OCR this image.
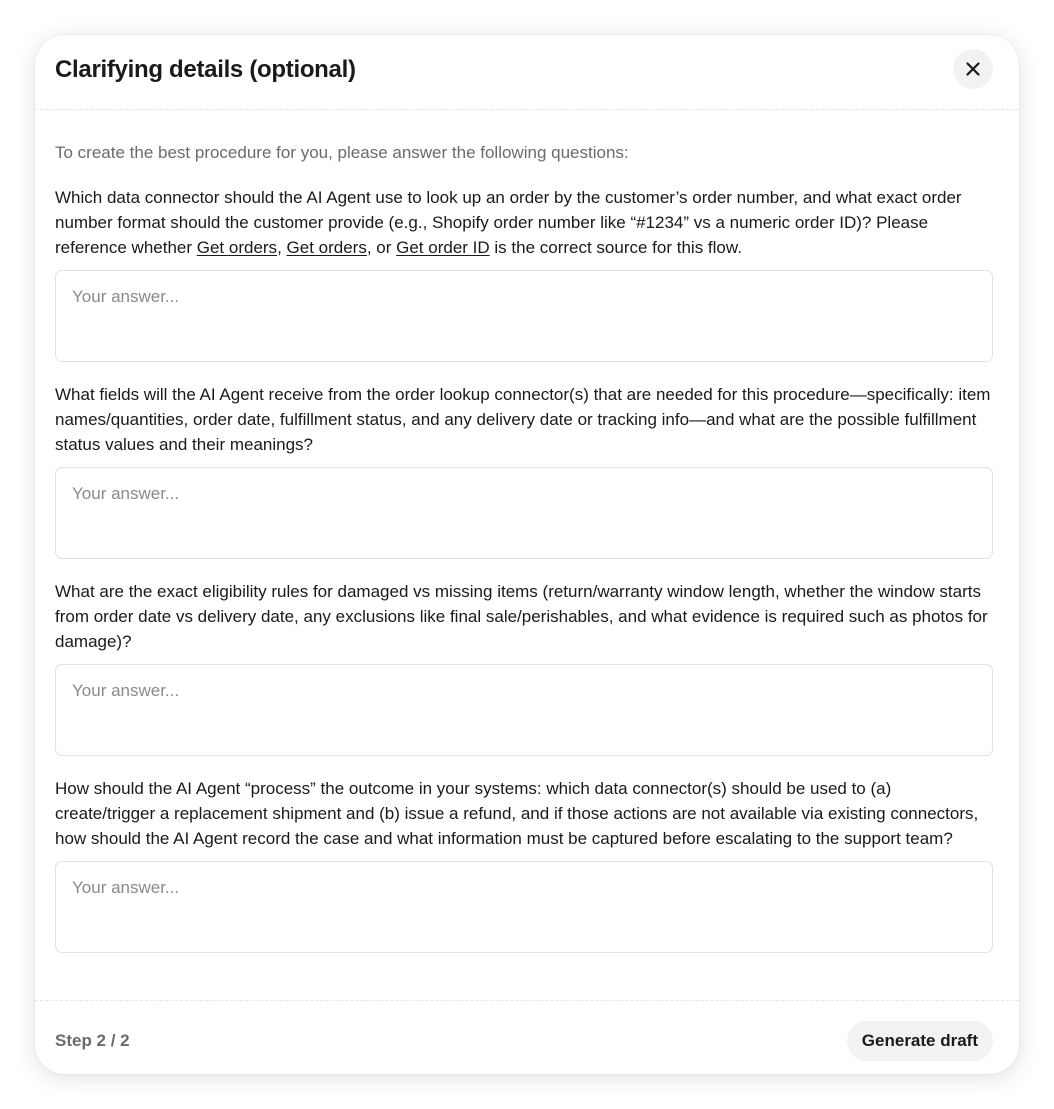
Clarifying details (optional)

To create the best procedure for you, please answer the following questions:

Which data connector should the AI Agent use to look up an order by the customer’s order number, and what exact order number format should the customer provide (e.g., Shopify order number like “#1234” vs a numeric order ID)? Please reference whether Get orders, Get orders, or Get order ID is the correct source for this flow.

Your answer...

What fields will the AI Agent receive from the order lookup connector(s) that are needed for this procedure—specifically: item names/quantities, order date, fulfillment status, and any delivery date or tracking info—and what are the possible fulfillment status values and their meanings?

Your answer...

What are the exact eligibility rules for damaged vs missing items (return/warranty window length, whether the window starts from order date vs delivery date, any exclusions like final sale/perishables, and what evidence is required such as photos for damage)?

Your answer...

How should the AI Agent “process” the outcome in your systems: which data connector(s) should be used to (a) create/trigger a replacement shipment and (b) issue a refund, and if those actions are not available via existing connectors, how should the AI Agent record the case and what information must be captured before escalating to the support team?

Your answer...
Step 2 / 2	Generate draft
